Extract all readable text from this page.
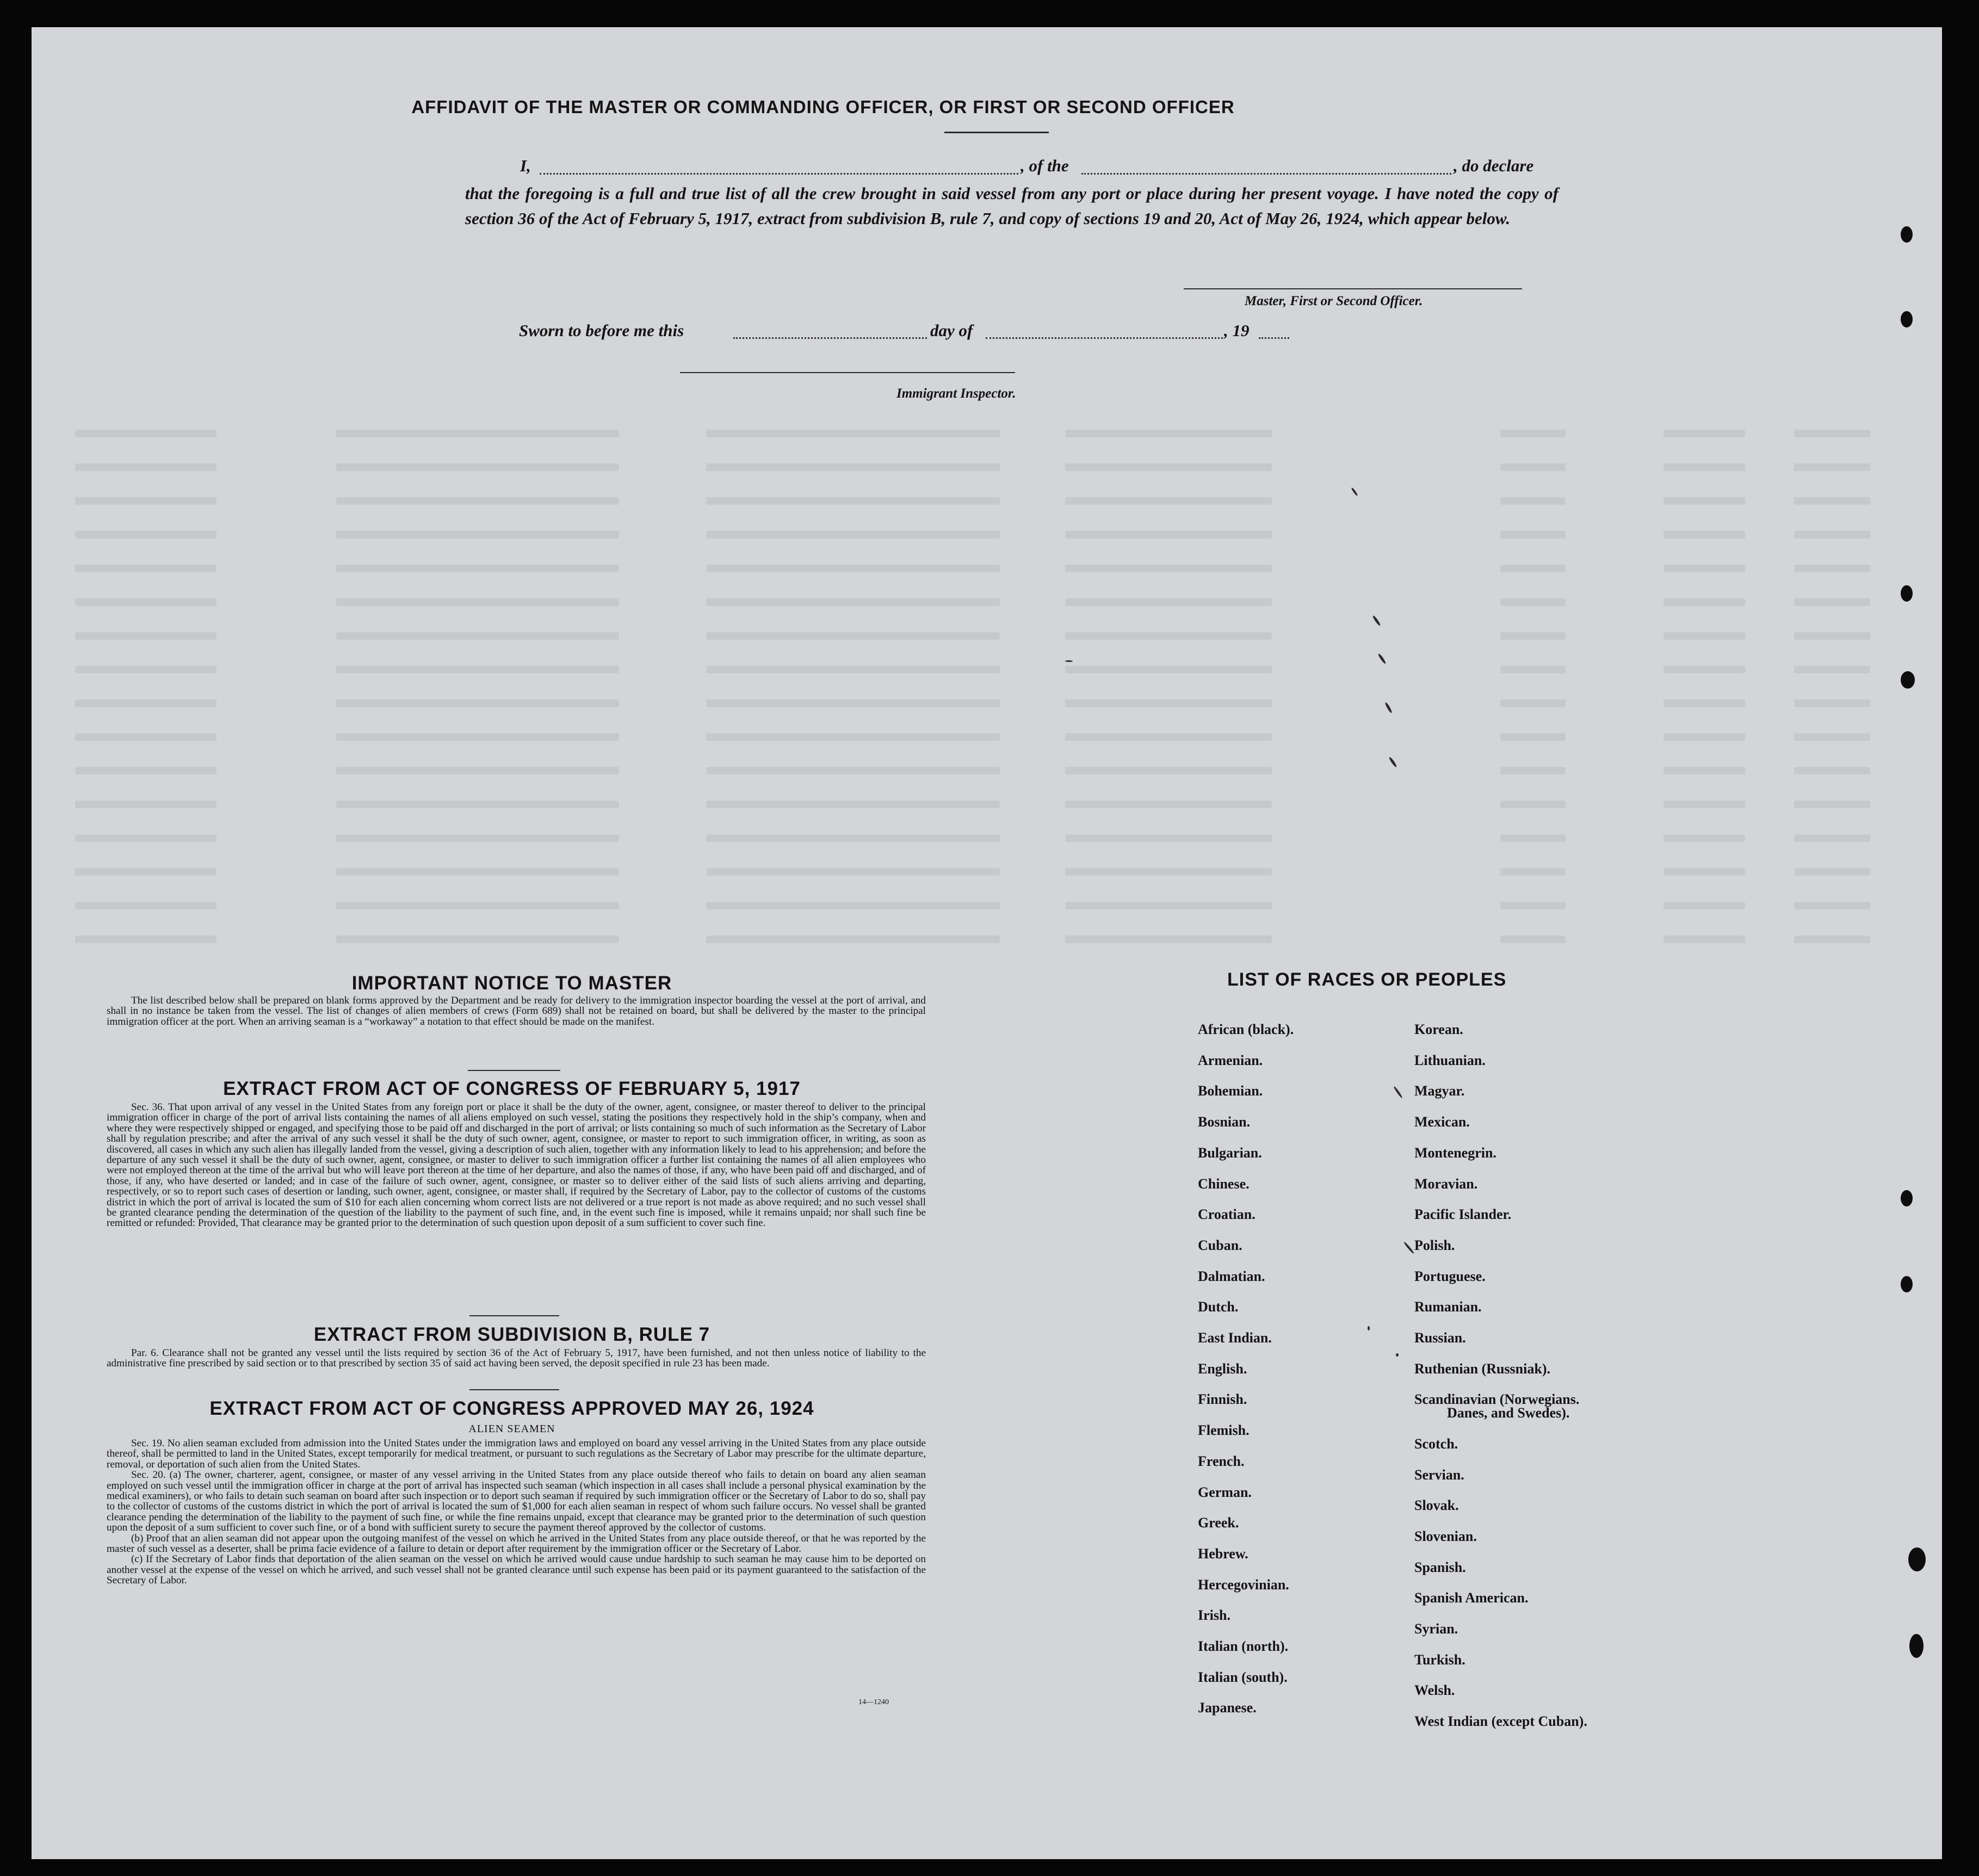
AFFIDAVIT OF THE MASTER OR COMMANDING OFFICER, OR FIRST OR SECOND OFFICER
I,	, of the	, do declare
that the foregoing is a full and true list of all the crew brought in said vessel from any port or place during her present voyage. I have noted the copy of section 36 of the Act of February 5, 1917, extract from subdivision B, rule 7, and copy of sections 19 and 20, Act of May 26, 1924, which appear below.
Master, First or Second Officer.
Sworn to before me this	day of	, 19
Immigrant Inspector.
IMPORTANT NOTICE TO MASTER

The list described below shall be prepared on blank forms approved by the Department and be ready for delivery to the immigration inspector boarding the vessel at the port of arrival, and shall in no instance be taken from the vessel. The list of changes of alien members of crews (Form 689) shall not be retained on board, but shall be delivered by the master to the principal immigration officer at the port. When an arriving seaman is a “workaway” a notation to that effect should be made on the manifest.

EXTRACT FROM ACT OF CONGRESS OF FEBRUARY 5, 1917

Sec. 36. That upon arrival of any vessel in the United States from any foreign port or place it shall be the duty of the owner, agent, consignee, or master thereof to deliver to the principal immigration officer in charge of the port of arrival lists containing the names of all aliens employed on such vessel, stating the positions they respectively hold in the ship’s company, when and where they were respectively shipped or engaged, and specifying those to be paid off and discharged in the port of arrival; or lists containing so much of such information as the Secretary of Labor shall by regulation prescribe; and after the arrival of any such vessel it shall be the duty of such owner, agent, consignee, or master to report to such immigration officer, in writing, as soon as discovered, all cases in which any such alien has illegally landed from the vessel, giving a description of such alien, together with any information likely to lead to his apprehension; and before the departure of any such vessel it shall be the duty of such owner, agent, consignee, or master to deliver to such immigration officer a further list containing the names of all alien employees who were not employed thereon at the time of the arrival but who will leave port thereon at the time of her departure, and also the names of those, if any, who have been paid off and discharged, and of those, if any, who have deserted or landed; and in case of the failure of such owner, agent, consignee, or master so to deliver either of the said lists of such aliens arriving and departing, respectively, or so to report such cases of desertion or landing, such owner, agent, consignee, or master shall, if required by the Secretary of Labor, pay to the collector of customs of the customs district in which the port of arrival is located the sum of $10 for each alien concerning whom correct lists are not delivered or a true report is not made as above required; and no such vessel shall be granted clearance pending the determination of the question of the liability to the payment of such fine, and, in the event such fine is imposed, while it remains unpaid; nor shall such fine be remitted or refunded: Provided, That clearance may be granted prior to the determination of such question upon deposit of a sum sufficient to cover such fine.

EXTRACT FROM SUBDIVISION B, RULE 7

Par. 6. Clearance shall not be granted any vessel until the lists required by section 36 of the Act of February 5, 1917, have been furnished, and not then unless notice of liability to the administrative fine prescribed by said section or to that prescribed by section 35 of said act having been served, the deposit specified in rule 23 has been made.

EXTRACT FROM ACT OF CONGRESS APPROVED MAY 26, 1924
ALIEN SEAMEN

Sec. 19. No alien seaman excluded from admission into the United States under the immigration laws and employed on board any vessel arriving in the United States from any place outside thereof, shall be permitted to land in the United States, except temporarily for medical treatment, or pursuant to such regulations as the Secretary of Labor may prescribe for the ultimate departure, removal, or deportation of such alien from the United States.

Sec. 20. (a) The owner, charterer, agent, consignee, or master of any vessel arriving in the United States from any place outside thereof who fails to detain on board any alien seaman employed on such vessel until the immigration officer in charge at the port of arrival has inspected such seaman (which inspection in all cases shall include a personal physical examination by the medical examiners), or who fails to detain such seaman on board after such inspection or to deport such seaman if required by such immigration officer or the Secretary of Labor to do so, shall pay to the collector of customs of the customs district in which the port of arrival is located the sum of $1,000 for each alien seaman in respect of whom such failure occurs. No vessel shall be granted clearance pending the determination of the liability to the payment of such fine, or while the fine remains unpaid, except that clearance may be granted prior to the determination of such question upon the deposit of a sum sufficient to cover such fine, or of a bond with sufficient surety to secure the payment thereof approved by the collector of customs.

(b) Proof that an alien seaman did not appear upon the outgoing manifest of the vessel on which he arrived in the United States from any place outside thereof, or that he was reported by the master of such vessel as a deserter, shall be prima facie evidence of a failure to detain or deport after requirement by the immigration officer or the Secretary of Labor.

(c) If the Secretary of Labor finds that deportation of the alien seaman on the vessel on which he arrived would cause undue hardship to such seaman he may cause him to be deported on another vessel at the expense of the vessel on which he arrived, and such vessel shall not be granted clearance until such expense has been paid or its payment guaranteed to the satisfaction of the Secretary of Labor.

14—1240
LIST OF RACES OR PEOPLES
African (black).
Armenian.
Bohemian.
Bosnian.
Bulgarian.
Chinese.
Croatian.
Cuban.
Dalmatian.
Dutch.
East Indian.
English.
Finnish.
Flemish.
French.
German.
Greek.
Hebrew.
Hercegovinian.
Irish.
Italian (north).
Italian (south).
Japanese.
Korean.
Lithuanian.
Magyar.
Mexican.
Montenegrin.
Moravian.
Pacific Islander.
Polish.
Portuguese.
Rumanian.
Russian.
Ruthenian (Russniak).
Scandinavian (Norwegians.
Danes, and Swedes).
Scotch.
Servian.
Slovak.
Slovenian.
Spanish.
Spanish American.
Syrian.
Turkish.
Welsh.
West Indian (except Cuban).
